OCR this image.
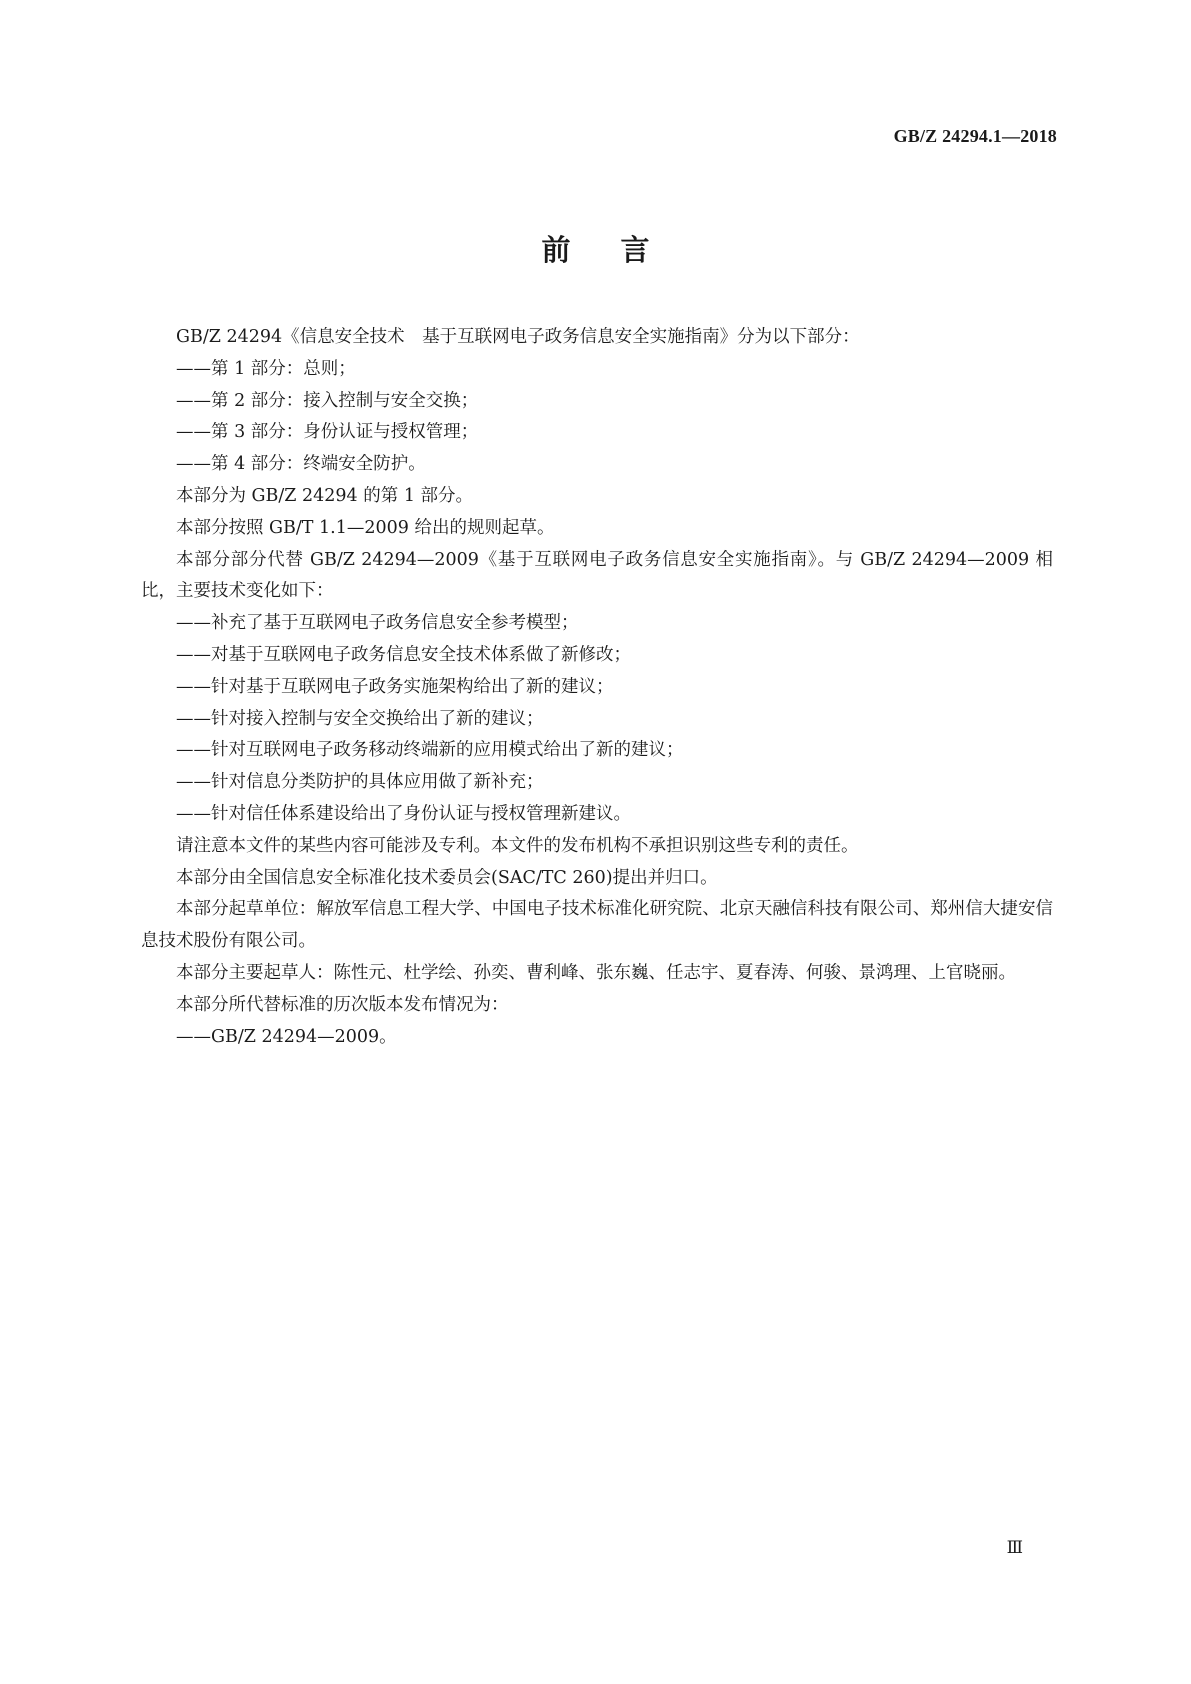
GB/Z 24294.1—2018
前言

GB/Z 24294《信息安全技术　基于互联网电子政务信息安全实施指南》分为以下部分：

——第 1 部分：总则；

——第 2 部分：接入控制与安全交换；

——第 3 部分：身份认证与授权管理；

——第 4 部分：终端安全防护。

本部分为 GB/Z 24294 的第 1 部分。

本部分按照 GB/T 1.1—2009 给出的规则起草。

本部分部分代替 GB/Z 24294—2009《基于互联网电子政务信息安全实施指南》。与 GB/Z 24294—2009 相比，主要技术变化如下：

——补充了基于互联网电子政务信息安全参考模型；

——对基于互联网电子政务信息安全技术体系做了新修改；

——针对基于互联网电子政务实施架构给出了新的建议；

——针对接入控制与安全交换给出了新的建议；

——针对互联网电子政务移动终端新的应用模式给出了新的建议；

——针对信息分类防护的具体应用做了新补充；

——针对信任体系建设给出了身份认证与授权管理新建议。

请注意本文件的某些内容可能涉及专利。本文件的发布机构不承担识别这些专利的责任。

本部分由全国信息安全标准化技术委员会(SAC/TC 260)提出并归口。

本部分起草单位：解放军信息工程大学、中国电子技术标准化研究院、北京天融信科技有限公司、郑州信大捷安信息技术股份有限公司。

本部分主要起草人：陈性元、杜学绘、孙奕、曹利峰、张东巍、任志宇、夏春涛、何骏、景鸿理、上官晓丽。

本部分所代替标准的历次版本发布情况为：

——GB/Z 24294—2009。

Ⅲ
